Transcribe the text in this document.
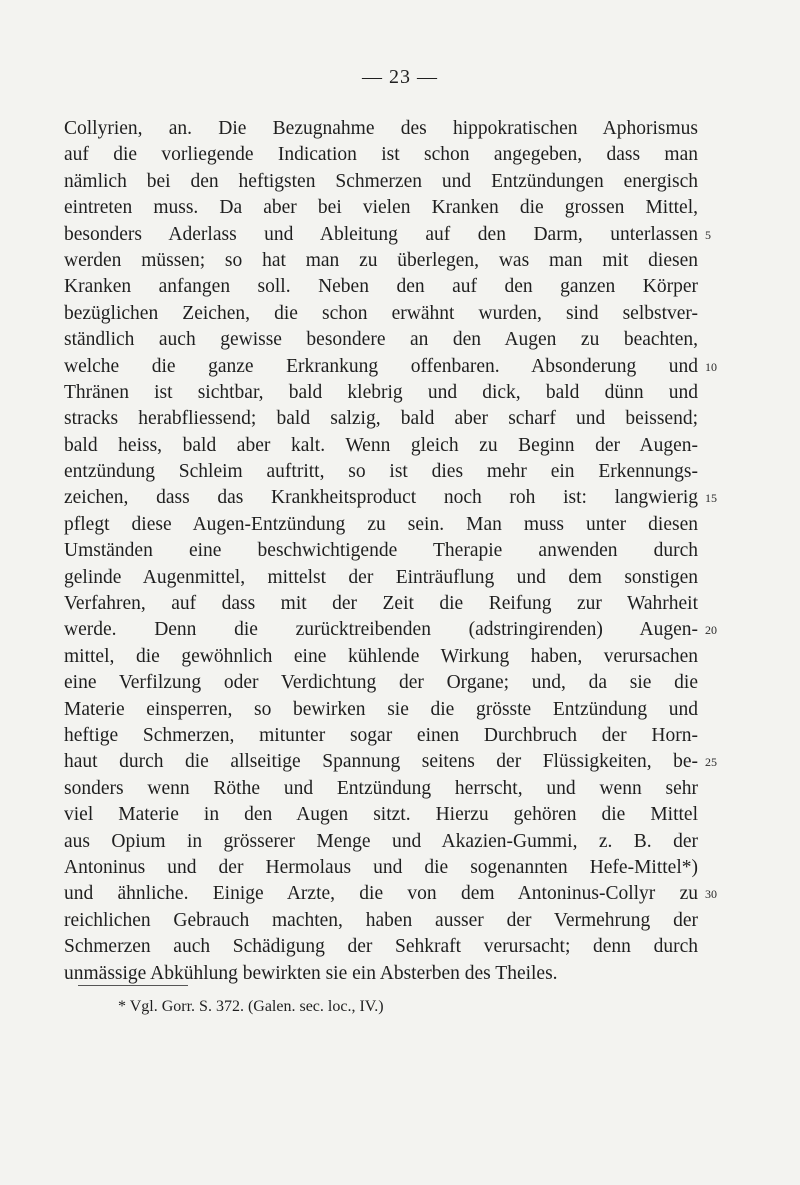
— 23 —
Collyrien, an. Die Bezugnahme des hippokratischen Aphorismus
auf die vorliegende Indication ist schon angegeben, dass man
nämlich bei den heftigsten Schmerzen und Entzündungen energisch
eintreten muss. Da aber bei vielen Kranken die grossen Mittel,
besonders Aderlass und Ableitung auf den Darm, unterlassen 5
werden müssen; so hat man zu überlegen, was man mit diesen
Kranken anfangen soll. Neben den auf den ganzen Körper
bezüglichen Zeichen, die schon erwähnt wurden, sind selbstver-
ständlich auch gewisse besondere an den Augen zu beachten,
welche die ganze Erkrankung offenbaren. Absonderung und 10
Thränen ist sichtbar, bald klebrig und dick, bald dünn und
stracks herabfliessend; bald salzig, bald aber scharf und beissend;
bald heiss, bald aber kalt. Wenn gleich zu Beginn der Augen-
entzündung Schleim auftritt, so ist dies mehr ein Erkennungs-
zeichen, dass das Krankheitsproduct noch roh ist: langwierig 15
pflegt diese Augen-Entzündung zu sein. Man muss unter diesen
Umständen eine beschwichtigende Therapie anwenden durch
gelinde Augenmittel, mittelst der Einträuflung und dem sonstigen
Verfahren, auf dass mit der Zeit die Reifung zur Wahrheit
werde. Denn die zurücktreibenden (adstringirenden) Augen- 20
mittel, die gewöhnlich eine kühlende Wirkung haben, verursachen
eine Verfilzung oder Verdichtung der Organe; und, da sie die
Materie einsperren, so bewirken sie die grösste Entzündung und
heftige Schmerzen, mitunter sogar einen Durchbruch der Horn-
haut durch die allseitige Spannung seitens der Flüssigkeiten, be- 25
sonders wenn Röthe und Entzündung herrscht, und wenn sehr
viel Materie in den Augen sitzt. Hierzu gehören die Mittel
aus Opium in grösserer Menge und Akazien-Gummi, z. B. der
Antoninus und der Hermolaus und die sogenannten Hefe-Mittel*)
und ähnliche. Einige Arzte, die von dem Antoninus-Collyr zu 30
reichlichen Gebrauch machten, haben ausser der Vermehrung der
Schmerzen auch Schädigung der Sehkraft verursacht; denn durch
unmässige Abkühlung bewirkten sie ein Absterben des Theiles.
* Vgl. Gorr. S. 372. (Galen. sec. loc., IV.)
